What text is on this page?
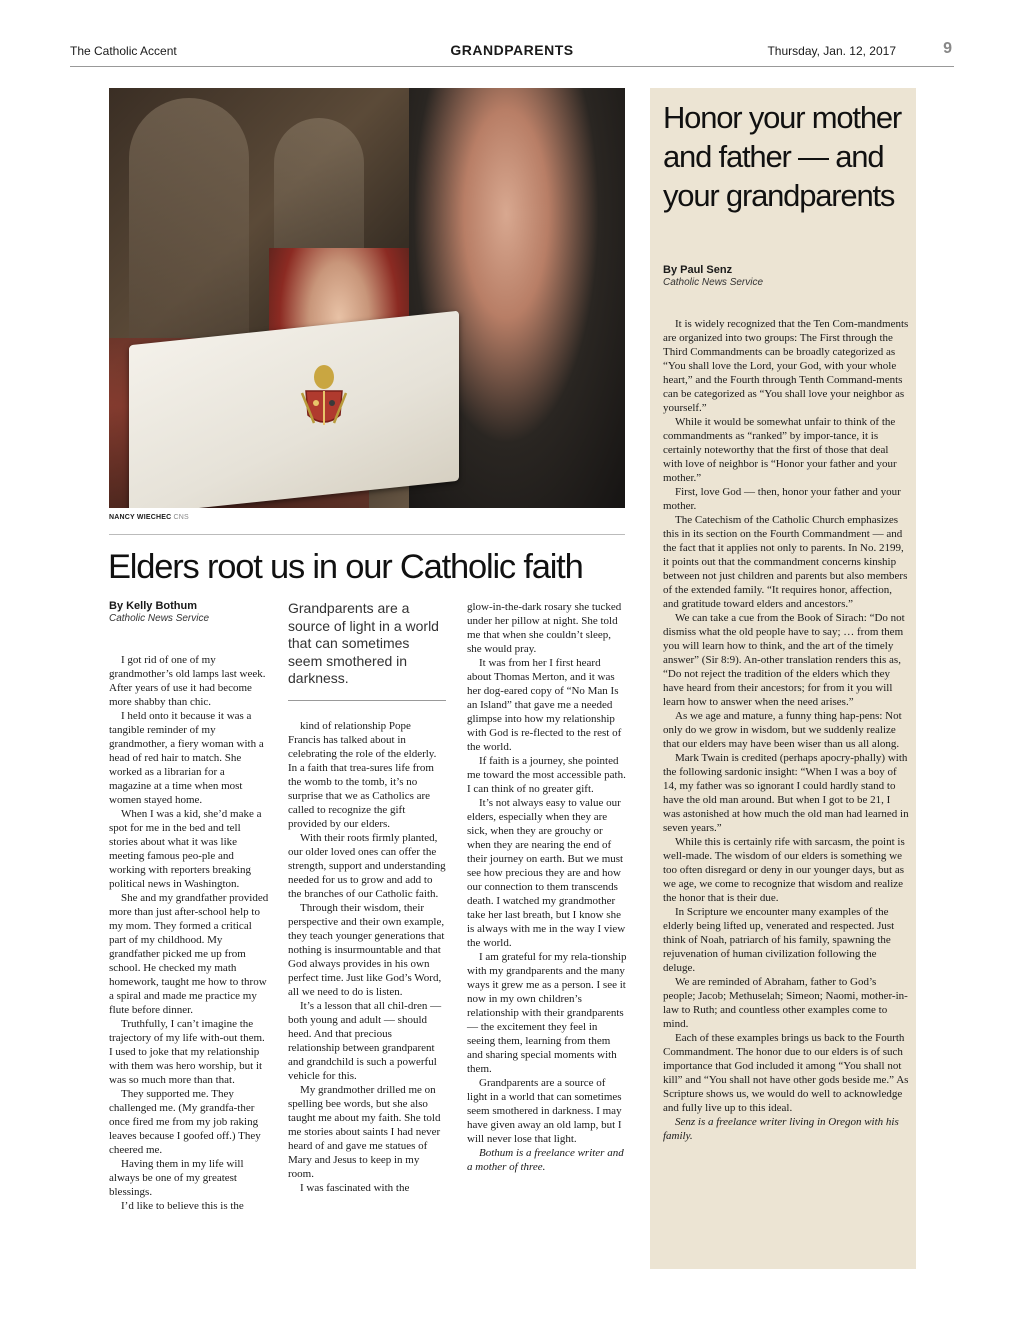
The Catholic Accent	GRANDPARENTS	Thursday, Jan. 12, 2017	9
NANCY WIECHEC CNS
Elders root us in our Catholic faith
By Kelly Bothum
Catholic News Service

I got rid of one of my grandmother’s old lamps last week. After years of use it had become more shabby than chic.

I held onto it because it was a tangible reminder of my grandmother, a fiery woman with a head of red hair to match. She worked as a librarian for a magazine at a time when most women stayed home.

When I was a kid, she’d make a spot for me in the bed and tell stories about what it was like meeting famous peo-ple and working with reporters breaking political news in Washington.

She and my grandfather provided more than just after-school help to my mom. They formed a critical part of my childhood. My grandfather picked me up from school. He checked my math homework, taught me how to throw a spiral and made me practice my flute before dinner.

Truthfully, I can’t imagine the trajectory of my life with-out them. I used to joke that my relationship with them was hero worship, but it was so much more than that.

They supported me. They challenged me. (My grandfa-ther once fired me from my job raking leaves because I goofed off.) They cheered me.

Having them in my life will always be one of my greatest blessings.

I’d like to believe this is the

Grandparents are a source of light in a world that can sometimes seem smothered in darkness.

kind of relationship Pope Francis has talked about in celebrating the role of the elderly. In a faith that trea-sures life from the womb to the tomb, it’s no surprise that we as Catholics are called to recognize the gift provided by our elders.

With their roots firmly planted, our older loved ones can offer the strength, support and understanding needed for us to grow and add to the branches of our Catholic faith.

Through their wisdom, their perspective and their own example, they teach younger generations that nothing is insurmountable and that God always provides in his own perfect time. Just like God’s Word, all we need to do is listen.

It’s a lesson that all chil-dren — both young and adult — should heed. And that precious relationship between grandparent and grandchild is such a powerful vehicle for this.

My grandmother drilled me on spelling bee words, but she also taught me about my faith. She told me stories about saints I had never heard of and gave me statues of Mary and Jesus to keep in my room.

I was fascinated with the

glow-in-the-dark rosary she tucked under her pillow at night. She told me that when she couldn’t sleep, she would pray.

It was from her I first heard about Thomas Merton, and it was her dog-eared copy of “No Man Is an Island” that gave me a needed glimpse into how my relationship with God is re-flected to the rest of the world.

If faith is a journey, she pointed me toward the most accessible path. I can think of no greater gift.

It’s not always easy to value our elders, especially when they are sick, when they are grouchy or when they are nearing the end of their journey on earth. But we must see how precious they are and how our connection to them transcends death. I watched my grandmother take her last breath, but I know she is always with me in the way I view the world.

I am grateful for my rela-tionship with my grandparents and the many ways it grew me as a person. I see it now in my own children’s relationship with their grandparents — the excitement they feel in seeing them, learning from them and sharing special moments with them.

Grandparents are a source of light in a world that can sometimes seem smothered in darkness. I may have given away an old lamp, but I will never lose that light.

Bothum is a freelance writer and a mother of three.

Honor your mother and father — and your grandparents
By Paul Senz
Catholic News Service

It is widely recognized that the Ten Com-mandments are organized into two groups: The First through the Third Commandments can be broadly categorized as “You shall love the Lord, your God, with your whole heart,” and the Fourth through Tenth Command-ments can be categorized as “You shall love your neighbor as yourself.”

While it would be somewhat unfair to think of the commandments as “ranked” by impor-tance, it is certainly noteworthy that the first of those that deal with love of neighbor is “Honor your father and your mother.”

First, love God — then, honor your father and your mother.

The Catechism of the Catholic Church emphasizes this in its section on the Fourth Commandment — and the fact that it applies not only to parents. In No. 2199, it points out that the commandment concerns kinship between not just children and parents but also members of the extended family. “It requires honor, affection, and gratitude toward elders and ancestors.”

We can take a cue from the Book of Sirach: “Do not dismiss what the old people have to say; … from them you will learn how to think, and the art of the timely answer” (Sir 8:9). An-other translation renders this as, “Do not reject the tradition of the elders which they have heard from their ancestors; for from it you will learn how to answer when the need arises.”

As we age and mature, a funny thing hap-pens: Not only do we grow in wisdom, but we suddenly realize that our elders may have been wiser than us all along.

Mark Twain is credited (perhaps apocry-phally) with the following sardonic insight: “When I was a boy of 14, my father was so ignorant I could hardly stand to have the old man around. But when I got to be 21, I was astonished at how much the old man had learned in seven years.”

While this is certainly rife with sarcasm, the point is well-made. The wisdom of our elders is something we too often disregard or deny in our younger days, but as we age, we come to recognize that wisdom and realize the honor that is their due.

In Scripture we encounter many examples of the elderly being lifted up, venerated and respected. Just think of Noah, patriarch of his family, spawning the rejuvenation of human civilization following the deluge.

We are reminded of Abraham, father to God’s people; Jacob; Methuselah; Simeon; Naomi, mother-in-law to Ruth; and countless other examples come to mind.

Each of these examples brings us back to the Fourth Commandment. The honor due to our elders is of such importance that God included it among “You shall not kill” and “You shall not have other gods beside me.” As Scripture shows us, we would do well to acknowledge and fully live up to this ideal.

Senz is a freelance writer living in Oregon with his family.
